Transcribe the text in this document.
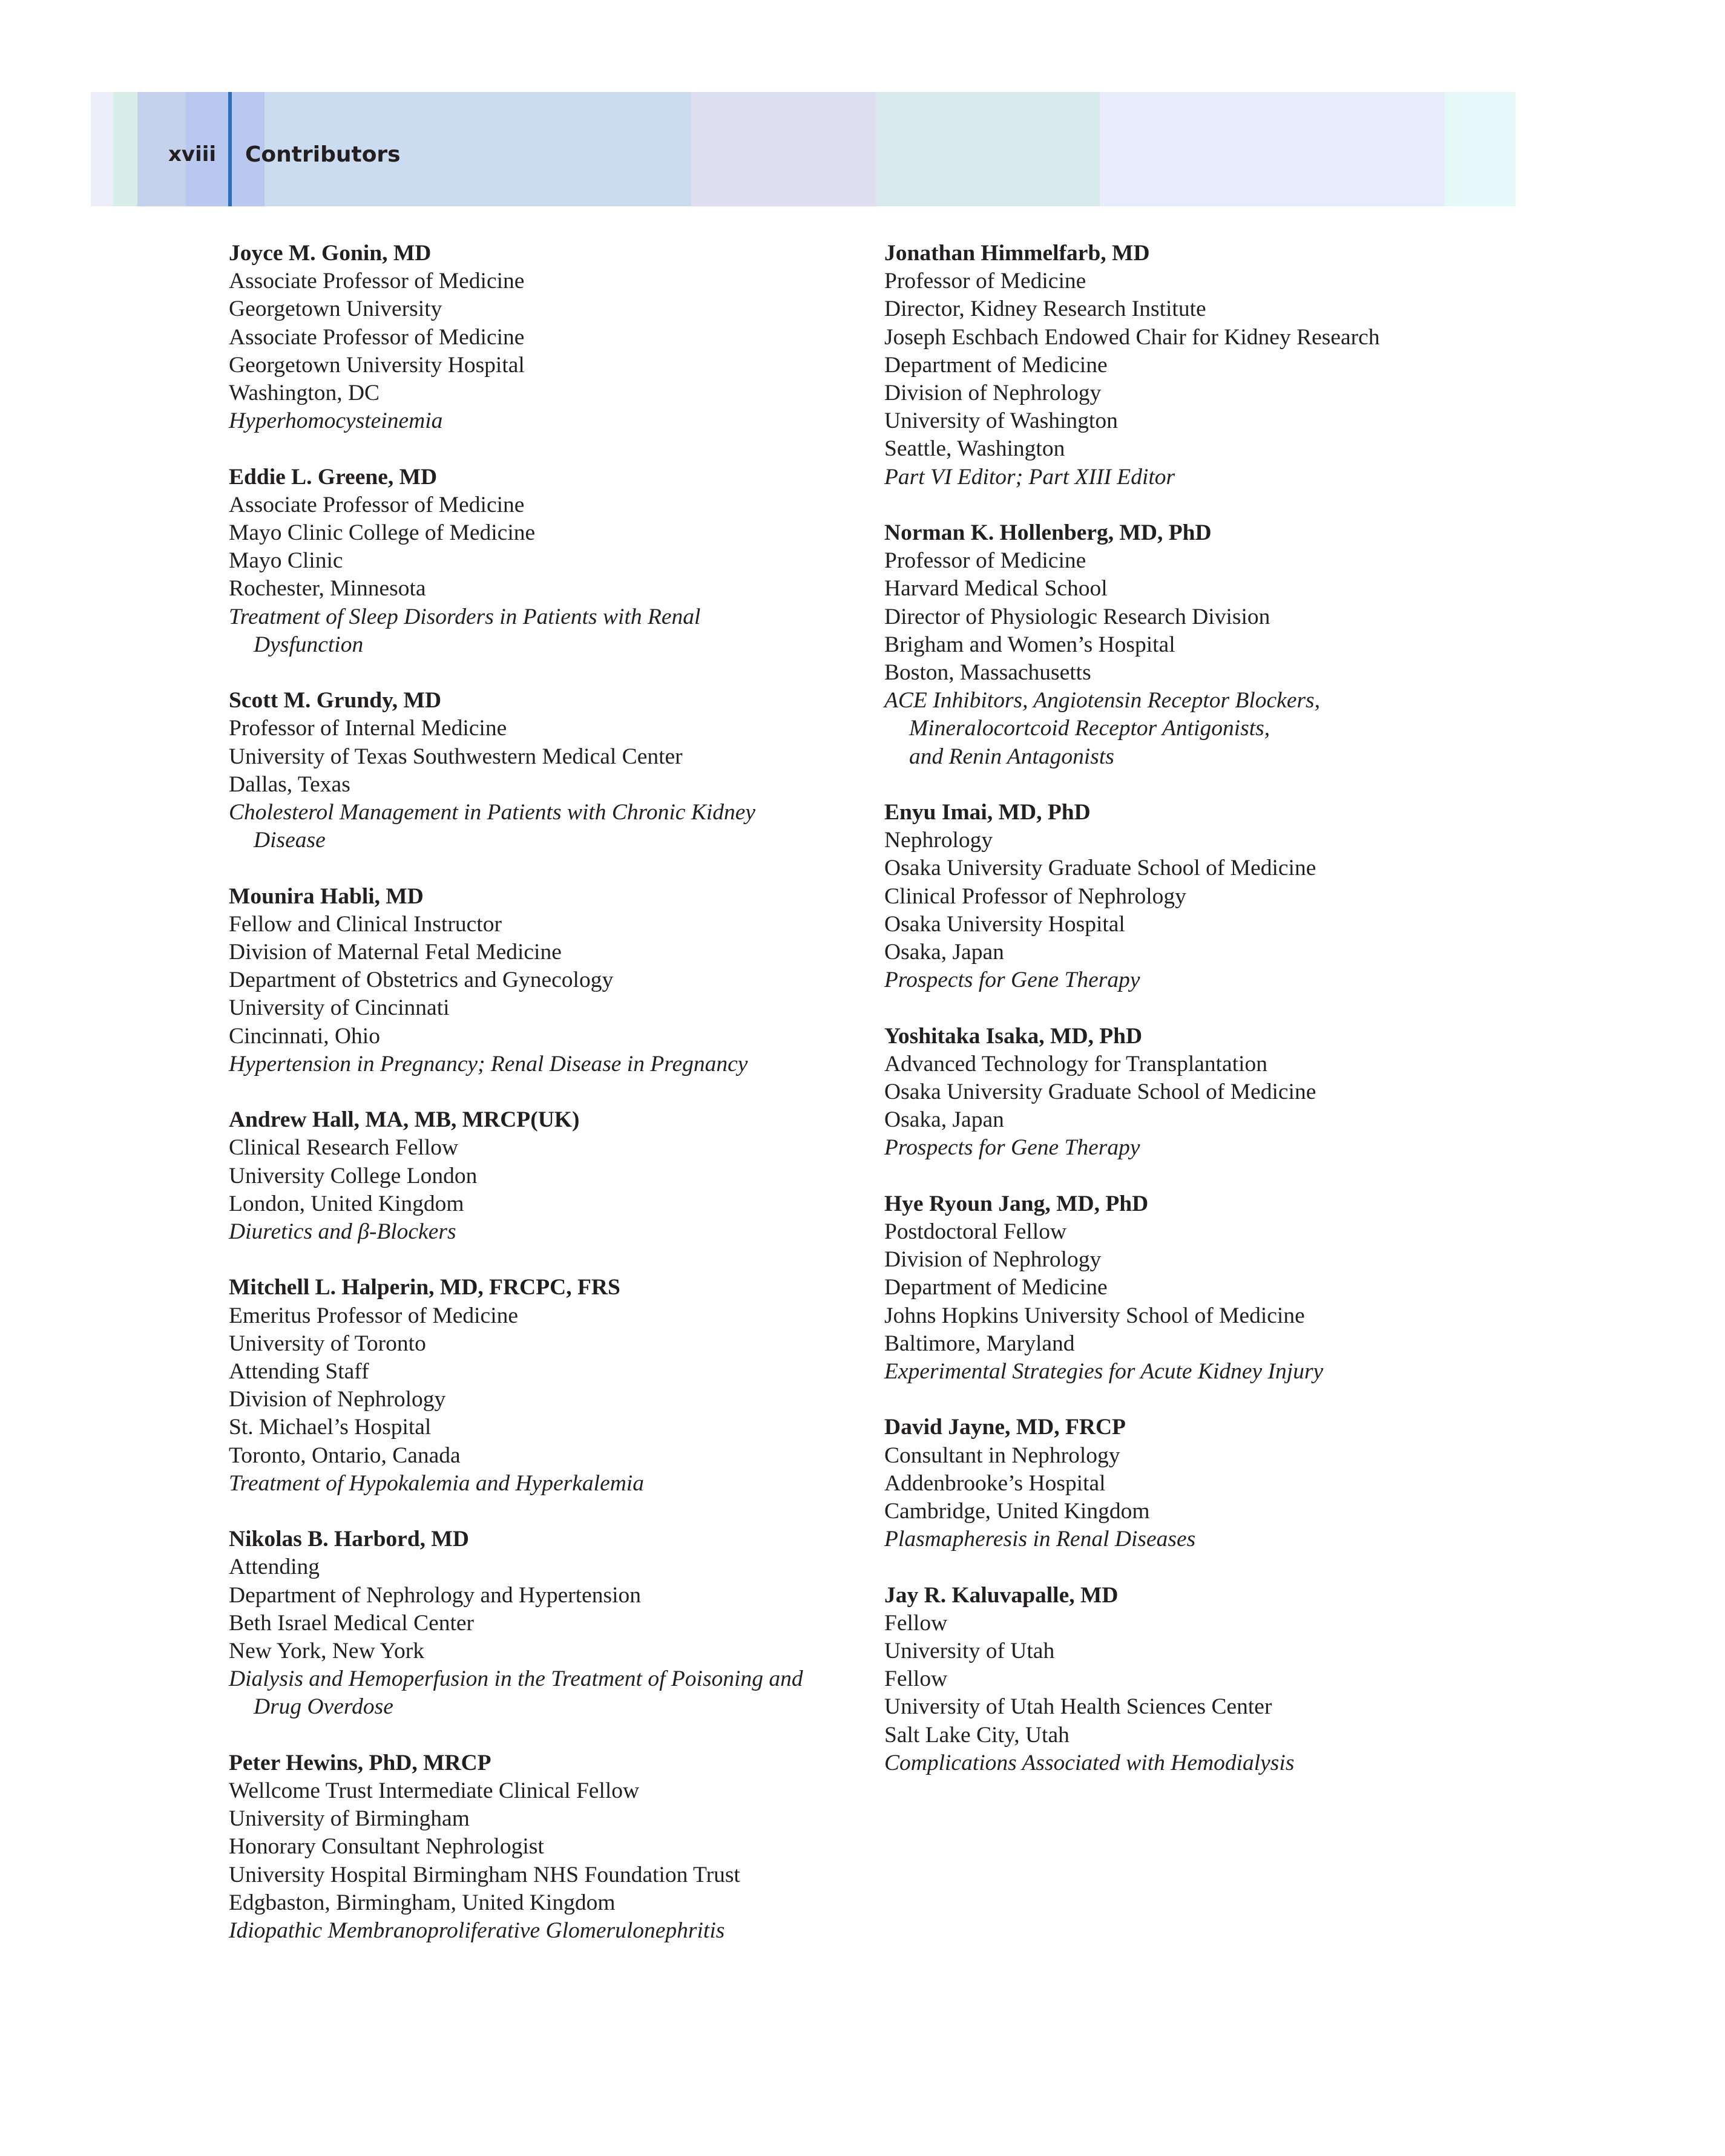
xviii Contributors
Joyce M. Gonin, MD
Associate Professor of Medicine
Georgetown University
Associate Professor of Medicine
Georgetown University Hospital
Washington, DC
Hyperhomocysteinemia
Eddie L. Greene, MD
Associate Professor of Medicine
Mayo Clinic College of Medicine
Mayo Clinic
Rochester, Minnesota
Treatment of Sleep Disorders in Patients with Renal
Dysfunction
Scott M. Grundy, MD
Professor of Internal Medicine
University of Texas Southwestern Medical Center
Dallas, Texas
Cholesterol Management in Patients with Chronic Kidney
Disease
Mounira Habli, MD
Fellow and Clinical Instructor
Division of Maternal Fetal Medicine
Department of Obstetrics and Gynecology
University of Cincinnati
Cincinnati, Ohio
Hypertension in Pregnancy; Renal Disease in Pregnancy
Andrew Hall, MA, MB, MRCP(UK)
Clinical Research Fellow
University College London
London, United Kingdom
Diuretics and β-Blockers
Mitchell L. Halperin, MD, FRCPC, FRS
Emeritus Professor of Medicine
University of Toronto
Attending Staff
Division of Nephrology
St. Michael’s Hospital
Toronto, Ontario, Canada
Treatment of Hypokalemia and Hyperkalemia
Nikolas B. Harbord, MD
Attending
Department of Nephrology and Hypertension
Beth Israel Medical Center
New York, New York
Dialysis and Hemoperfusion in the Treatment of Poisoning and
Drug Overdose
Peter Hewins, PhD, MRCP
Wellcome Trust Intermediate Clinical Fellow
University of Birmingham
Honorary Consultant Nephrologist
University Hospital Birmingham NHS Foundation Trust
Edgbaston, Birmingham, United Kingdom
Idiopathic Membranoproliferative Glomerulonephritis
Jonathan Himmelfarb, MD
Professor of Medicine
Director, Kidney Research Institute
Joseph Eschbach Endowed Chair for Kidney Research
Department of Medicine
Division of Nephrology
University of Washington
Seattle, Washington
Part VI Editor; Part XIII Editor
Norman K. Hollenberg, MD, PhD
Professor of Medicine
Harvard Medical School
Director of Physiologic Research Division
Brigham and Women’s Hospital
Boston, Massachusetts
ACE Inhibitors, Angiotensin Receptor Blockers,
Mineralocortcoid Receptor Antigonists,
and Renin Antagonists
Enyu Imai, MD, PhD
Nephrology
Osaka University Graduate School of Medicine
Clinical Professor of Nephrology
Osaka University Hospital
Osaka, Japan
Prospects for Gene Therapy
Yoshitaka Isaka, MD, PhD
Advanced Technology for Transplantation
Osaka University Graduate School of Medicine
Osaka, Japan
Prospects for Gene Therapy
Hye Ryoun Jang, MD, PhD
Postdoctoral Fellow
Division of Nephrology
Department of Medicine
Johns Hopkins University School of Medicine
Baltimore, Maryland
Experimental Strategies for Acute Kidney Injury
David Jayne, MD, FRCP
Consultant in Nephrology
Addenbrooke’s Hospital
Cambridge, United Kingdom
Plasmapheresis in Renal Diseases
Jay R. Kaluvapalle, MD
Fellow
University of Utah
Fellow
University of Utah Health Sciences Center
Salt Lake City, Utah
Complications Associated with Hemodialysis
